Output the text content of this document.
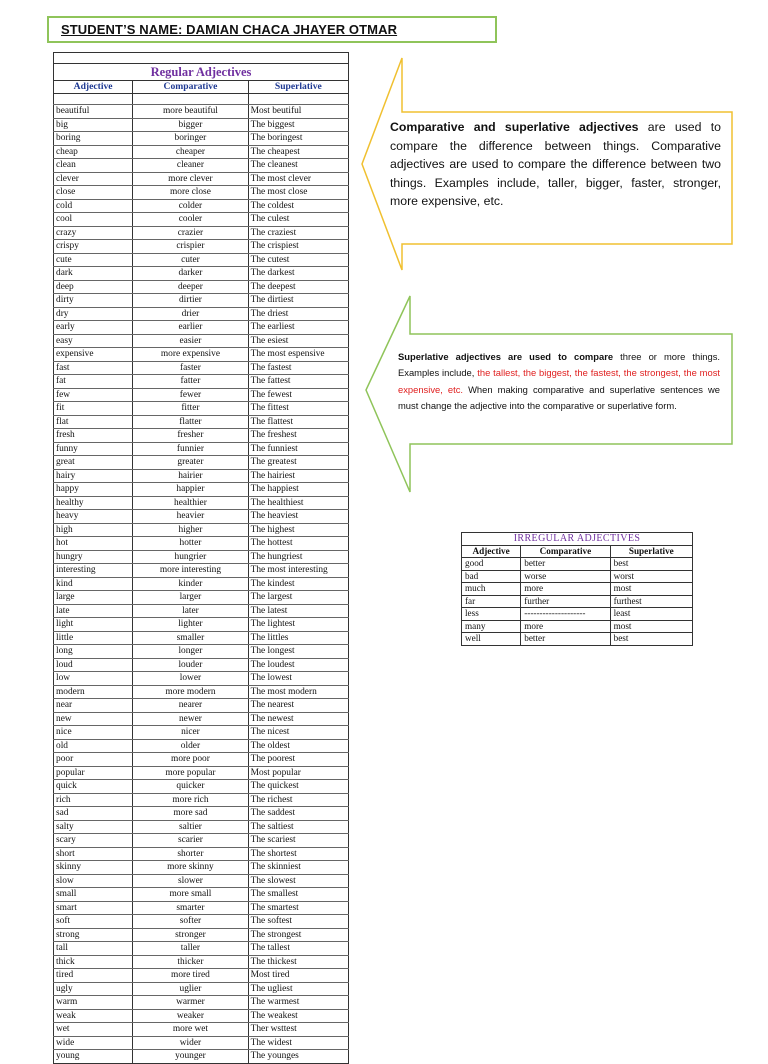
STUDENT’S NAME: DAMIAN CHACA JHAYER OTMAR

Regular Adjectives		
Adjective	Comparative	Superlative

beautiful	more beautiful	Most beutiful
big	bigger	The biggest
boring	boringer	The boringest
cheap	cheaper	The cheapest
clean	cleaner	The cleanest
clever	more clever	The most clever
close	more close	The most close
cold	colder	The coldest
cool	cooler	The culest
crazy	crazier	The craziest
crispy	crispier	The crispiest
cute	cuter	The cutest
dark	darker	The darkest
deep	deeper	The deepest
dirty	dirtier	The dirtiest
dry	drier	The driest
early	earlier	The earliest
easy	easier	The esiest
expensive	more expensive	The most espensive
fast	faster	The fastest
fat	fatter	The fattest
few	fewer	The fewest
fit	fitter	The fittest
flat	flatter	The flattest
fresh	fresher	The freshest
funny	funnier	The funniest
great	greater	The greatest
hairy	hairier	The hairiest
happy	happier	The happiest
healthy	healthier	The healthiest
heavy	heavier	The heaviest
high	higher	The highest
hot	hotter	The hottest
hungry	hungrier	The hungriest
interesting	more interesting	The most interesting
kind	kinder	The kindest
large	larger	The largest
late	later	The latest
light	lighter	The lightest
little	smaller	The littles
long	longer	The longest
loud	louder	The loudest
low	lower	The lowest
modern	more modern	The most modern
near	nearer	The nearest
new	newer	The newest
nice	nicer	The nicest
old	older	The oldest
poor	more poor	The poorest
popular	more popular	Most popular
quick	quicker	The quickest
rich	more rich	The richest
sad	more sad	The saddest
salty	saltier	The saltiest
scary	scarier	The scariest
short	shorter	The shortest
skinny	more skinny	The skinniest
slow	slower	The slowest
small	more small	The smallest
smart	smarter	The smartest
soft	softer	The softest
strong	stronger	The strongest
tall	taller	The tallest
thick	thicker	The thickest
tired	more tired	Most tired
ugly	uglier	The ugliest
warm	warmer	The warmest
weak	weaker	The weakest
wet	more wet	Ther wsttest
wide	wider	The widest
young	younger	The younges
Comparative and superlative adjectives are used to compare the difference between things. Comparative adjectives are used to compare the difference between two things. Examples include, taller, bigger, faster, stronger, more expensive, etc.
Superlative adjectives are used to compare three or more things. Examples include, the tallest, the biggest, the fastest, the strongest, the most expensive, etc. When making comparative and superlative sentences we must change the adjective into the comparative or superlative form.
IRREGULAR ADJECTIVES		
Adjective	Comparative	Superlative
good	better	best
bad	worse	worst
much	more	most
far	further	furthest
less	--------------------	least
many	more	most
well	better	best
